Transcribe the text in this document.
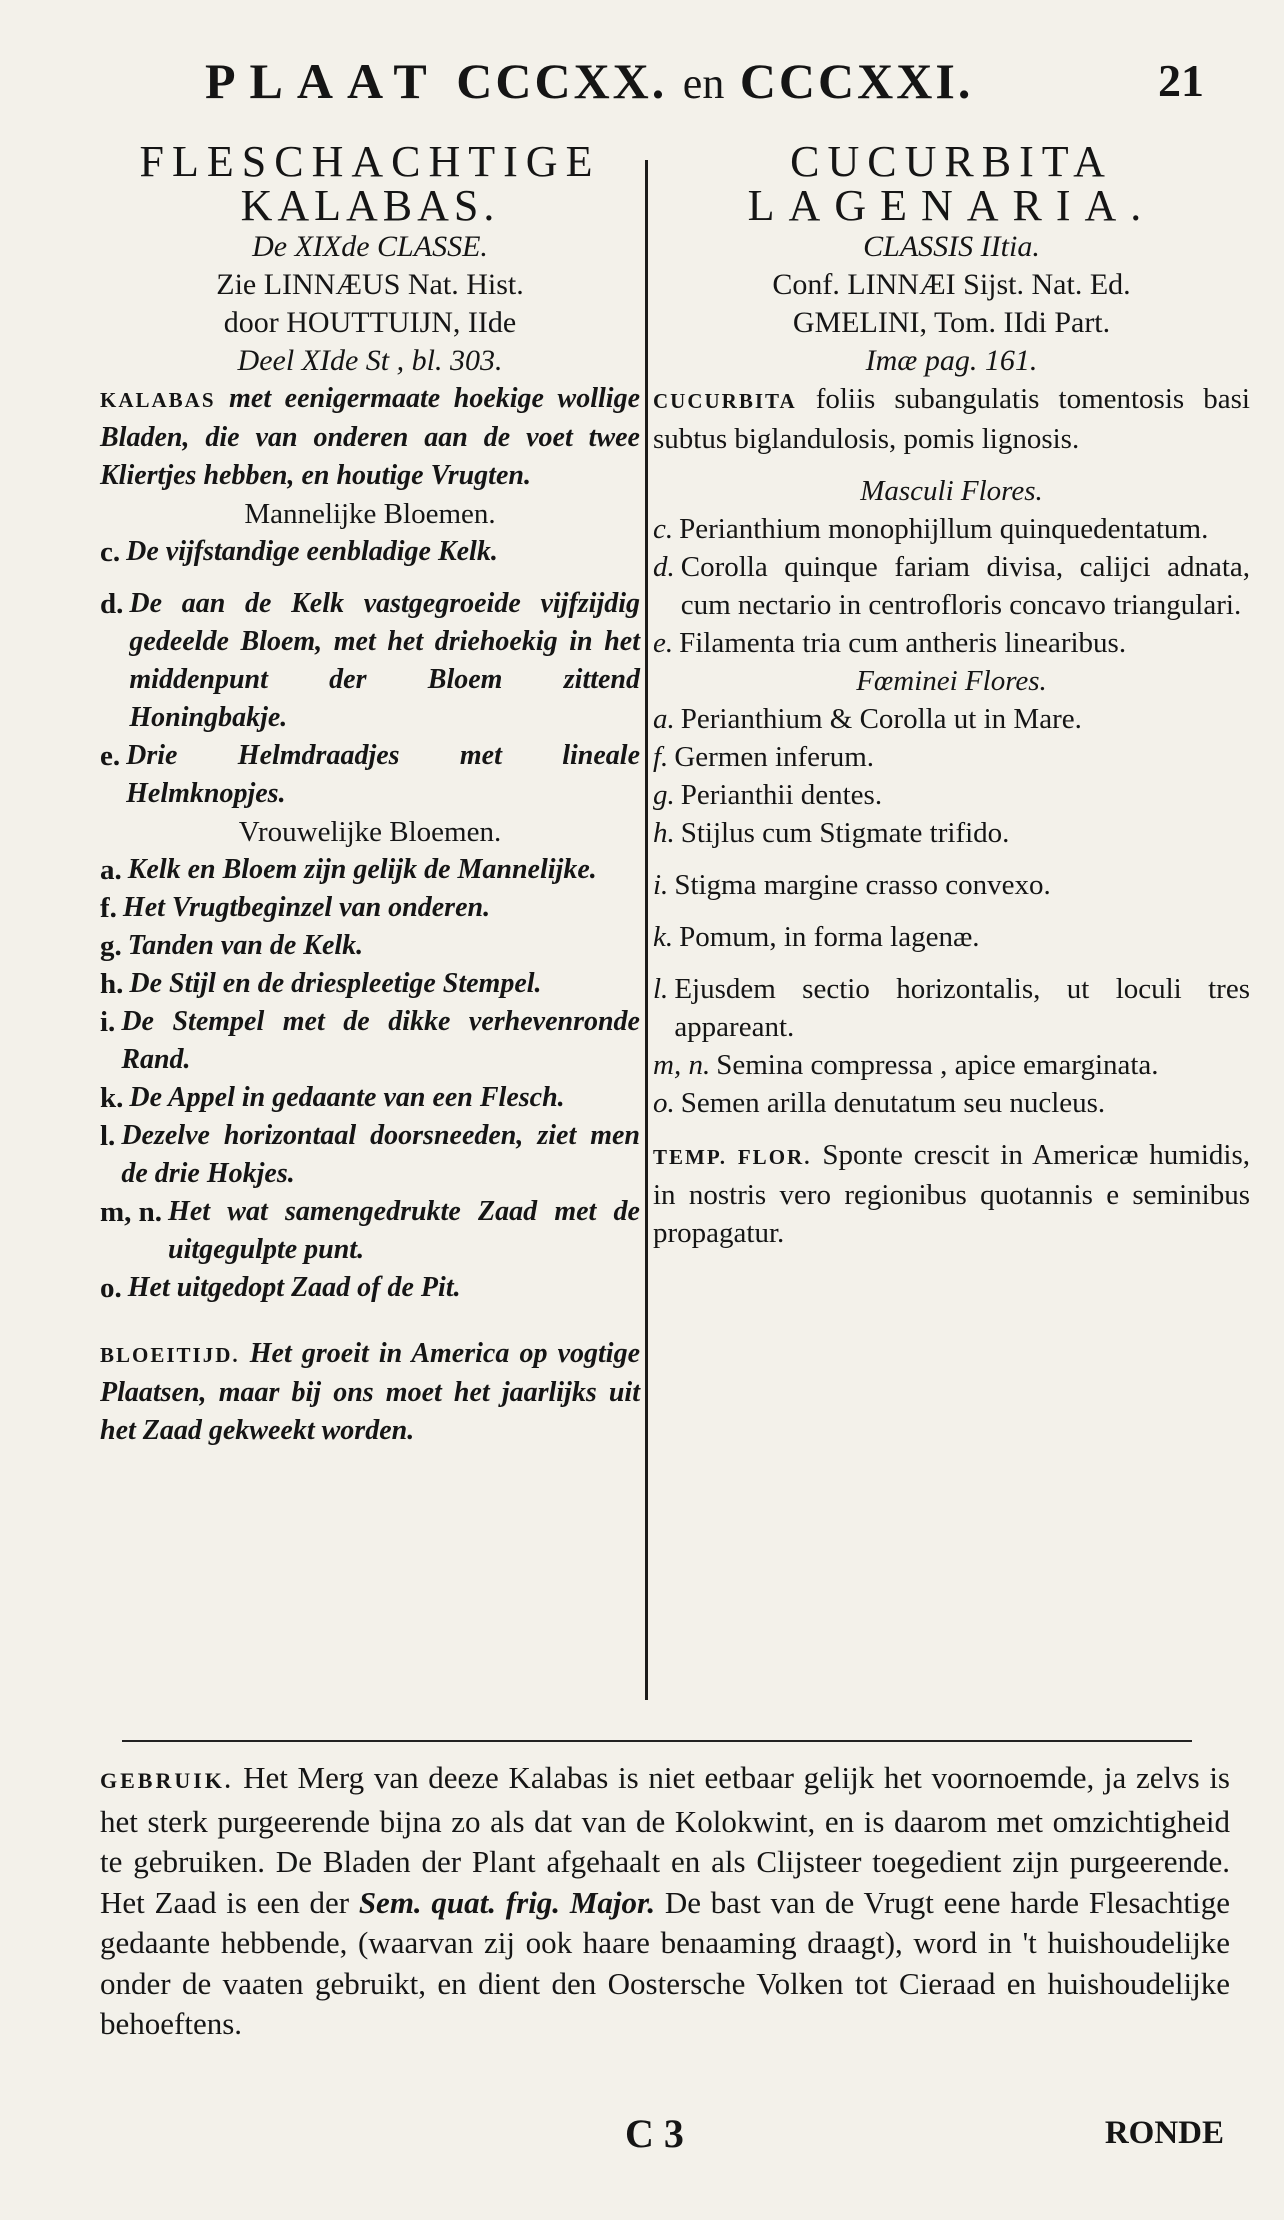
PLAAT CCCXX. en CCCXXI.	21
FLESCHACHTIGE
KALABAS.
De XIXde CLASSE.
Zie LINNÆUS Nat. Hist.
door HOUTTUIJN, IIde
Deel XIde St , bl. 303.

KALABAS met eenigermaate hoekige wollige Bladen, die van onderen aan de voet twee Kliertjes hebben, en houtige Vrugten.

Mannelijke Bloemen.
c. De vijfstandige eenbladige Kelk.
d. De aan de Kelk vastgegroeide vijfzijdig gedeelde Bloem, met het driehoekig in het middenpunt der Bloem zittend Honingbakje.
e. Drie Helmdraadjes met lineale Helmknopjes.
Vrouwelijke Bloemen.
a. Kelk en Bloem zijn gelijk de Mannelijke.
f. Het Vrugtbeginzel van onderen.
g. Tanden van de Kelk.
h. De Stijl en de driespleetige Stempel.
i. De Stempel met de dikke verhevenronde Rand.
k. De Appel in gedaante van een Flesch.
l. Dezelve horizontaal doorsneeden, ziet men de drie Hokjes.
m, n. Het wat samengedrukte Zaad met de uitgegulpte punt.
o. Het uitgedopt Zaad of de Pit.

BLOEITIJD. Het groeit in America op vogtige Plaatsen, maar bij ons moet het jaarlijks uit het Zaad gekweekt worden.

CUCURBITA
LAGENARIA.
CLASSIS IItia.
Conf. LINNÆI Sijst. Nat. Ed.
GMELINI, Tom. IIdi Part.
Imæ pag. 161.

CUCURBITA foliis subangulatis tomentosis basi subtus biglandulosis, pomis lignosis.

Masculi Flores.
c. Perianthium monophijllum quinquedentatum.
d. Corolla quinque fariam divisa, calijci adnata, cum nectario in centrofloris concavo triangulari.
e. Filamenta tria cum antheris linearibus.
Fœminei Flores.
a. Perianthium & Corolla ut in Mare.
f. Germen inferum.
g. Perianthii dentes.
h. Stijlus cum Stigmate trifido.
i. Stigma margine crasso convexo.
k. Pomum, in forma lagenæ.
l. Ejusdem sectio horizontalis, ut loculi tres appareant.
m, n. Semina compressa , apice emarginata.
o. Semen arilla denutatum seu nucleus.

TEMP. FLOR. Sponte crescit in Americæ humidis, in nostris vero regionibus quotannis e seminibus propagatur.

GEBRUIK. Het Merg van deeze Kalabas is niet eetbaar gelijk het voornoemde, ja zelvs is het sterk purgeerende bijna zo als dat van de Kolokwint, en is daarom met omzichtigheid te gebruiken. De Bladen der Plant afgehaalt en als Clijsteer toegedient zijn purgeerende. Het Zaad is een der Sem. quat. frig. Major. De bast van de Vrugt eene harde Flesachtige gedaante hebbende, (waarvan zij ook haare benaaming draagt), word in 't huishoudelijke onder de vaaten gebruikt, en dient den Oostersche Volken tot Cieraad en huishoudelijke behoeftens.
C 3	RONDE
